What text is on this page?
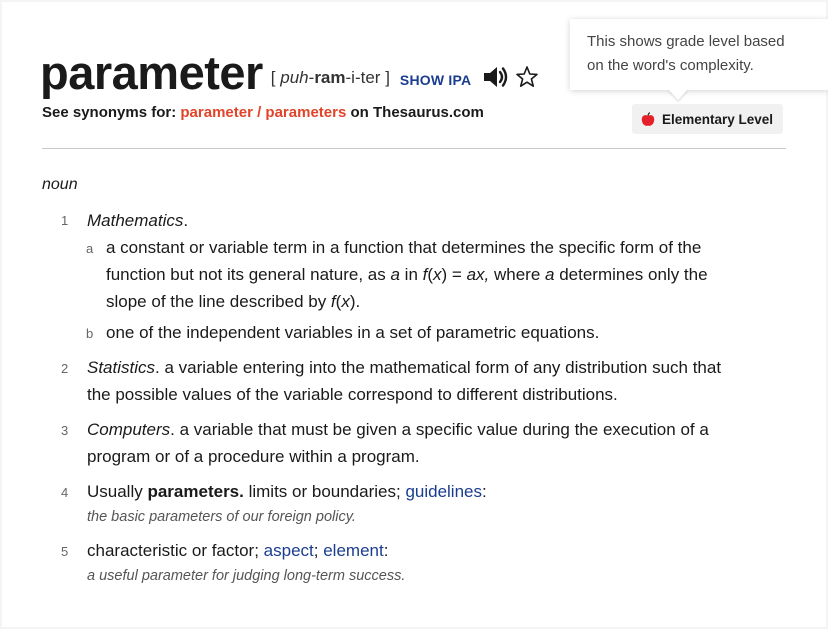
parameter [ puh-ram-i-ter ] SHOW IPA
See synonyms for: parameter / parameters on Thesaurus.com	Elementary Level
noun
1 Mathematics.
a a constant or variable term in a function that determines the specific form of the
function but not its general nature, as a in f(x) = ax, where a determines only the
slope of the line described by f(x).
b one of the independent variables in a set of parametric equations.
2 Statistics. a variable entering into the mathematical form of any distribution such that
the possible values of the variable correspond to different distributions.
3 Computers. a variable that must be given a specific value during the execution of a
program or of a procedure within a program.
4 Usually parameters. limits or boundaries; guidelines:
the basic parameters of our foreign policy.
5 characteristic or factor; aspect; element:
a useful parameter for judging long-term success.
This shows grade level based
on the word's complexity.
